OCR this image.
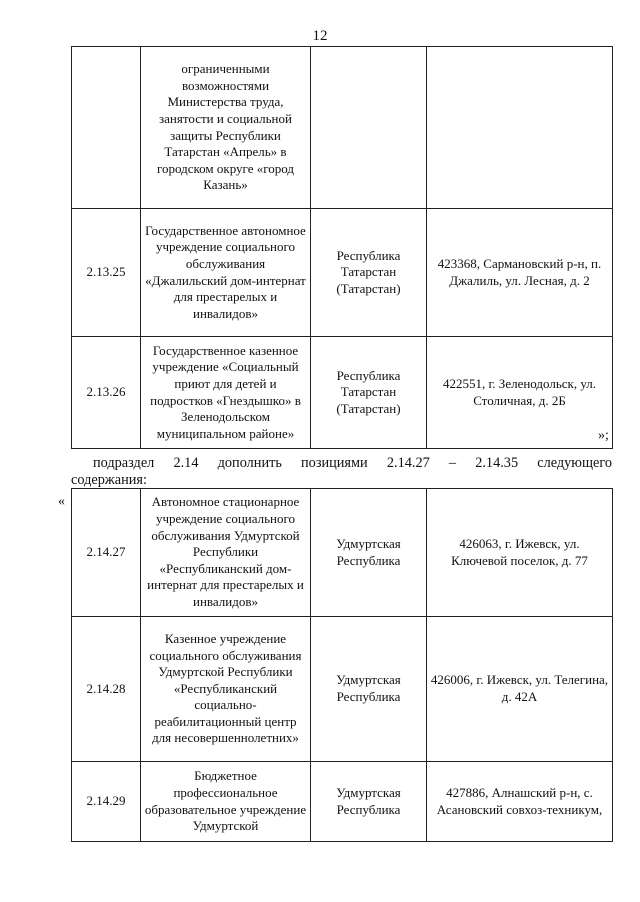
12
	ограниченными возможностями Министерства труда, занятости и социальной защиты Республики Татарстан «Апрель» в городском округе «город Казань»		
2.13.25	Государственное автономное учреждение социального обслуживания «Джалильский дом-интернат для престарелых и инвалидов»	Республика Татарстан (Татарстан)	423368, Сармановский р-н, п. Джалиль, ул. Лесная, д. 2
2.13.26	Государственное казенное учреждение «Социальный приют для детей и подростков «Гнездышко» в Зеленодольском муниципальном районе»	Республика Татарстан (Татарстан)	422551, г. Зеленодольск, ул. Столичная, д. 2Б
»;
подраздел 2.14 дополнить позициями 2.14.27 – 2.14.35 следующего
содержания:
«
2.14.27	Автономное стационарное учреждение социального обслуживания Удмуртской Республики «Республиканский дом-интернат для престарелых и инвалидов»	Удмуртская Республика	426063, г. Ижевск, ул. Ключевой поселок, д. 77
2.14.28	Казенное учреждение социального обслуживания Удмуртской Республики «Республиканский социально-реабилитационный центр для несовершеннолетних»	Удмуртская Республика	426006, г. Ижевск, ул. Телегина, д. 42А
2.14.29	Бюджетное профессиональное образовательное учреждение Удмуртской	Удмуртская Республика	427886, Алнашский р-н, с. Асановский совхоз-техникум,
